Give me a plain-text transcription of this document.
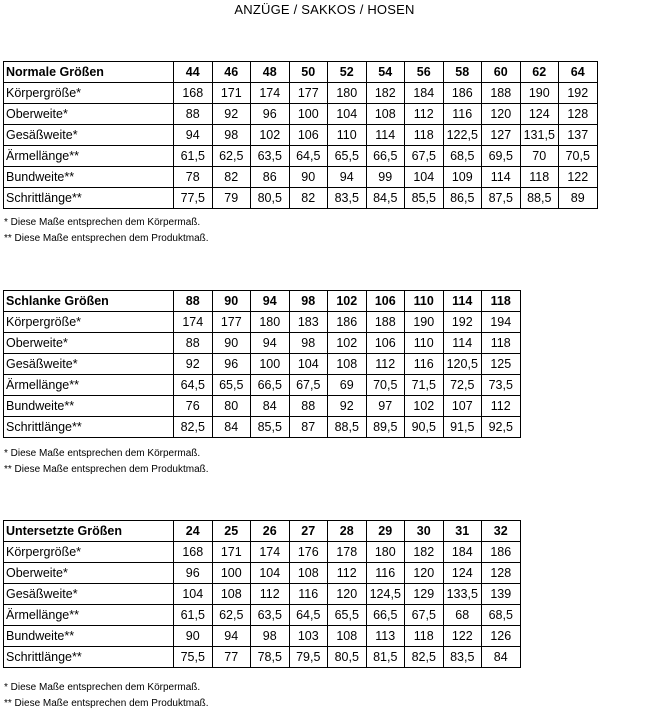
ANZÜGE / SAKKOS / HOSEN
Normale Größen	44	46	48	50	52	54	56	58	60	62	64
Körpergröße*	168	171	174	177	180	182	184	186	188	190	192
Oberweite*	88	92	96	100	104	108	112	116	120	124	128
Gesäßweite*	94	98	102	106	110	114	118	122,5	127	131,5	137
Ärmellänge**	61,5	62,5	63,5	64,5	65,5	66,5	67,5	68,5	69,5	70	70,5
Bundweite**	78	82	86	90	94	99	104	109	114	118	122
Schrittlänge**	77,5	79	80,5	82	83,5	84,5	85,5	86,5	87,5	88,5	89
* Diese Maße entsprechen dem Körpermaß.
** Diese Maße entsprechen dem Produktmaß.
Schlanke Größen	88	90	94	98	102	106	110	114	118
Körpergröße*	174	177	180	183	186	188	190	192	194
Oberweite*	88	90	94	98	102	106	110	114	118
Gesäßweite*	92	96	100	104	108	112	116	120,5	125
Ärmellänge**	64,5	65,5	66,5	67,5	69	70,5	71,5	72,5	73,5
Bundweite**	76	80	84	88	92	97	102	107	112
Schrittlänge**	82,5	84	85,5	87	88,5	89,5	90,5	91,5	92,5
* Diese Maße entsprechen dem Körpermaß.
** Diese Maße entsprechen dem Produktmaß.
Untersetzte Größen	24	25	26	27	28	29	30	31	32
Körpergröße*	168	171	174	176	178	180	182	184	186
Oberweite*	96	100	104	108	112	116	120	124	128
Gesäßweite*	104	108	112	116	120	124,5	129	133,5	139
Ärmellänge**	61,5	62,5	63,5	64,5	65,5	66,5	67,5	68	68,5
Bundweite**	90	94	98	103	108	113	118	122	126
Schrittlänge**	75,5	77	78,5	79,5	80,5	81,5	82,5	83,5	84
* Diese Maße entsprechen dem Körpermaß.
** Diese Maße entsprechen dem Produktmaß.
